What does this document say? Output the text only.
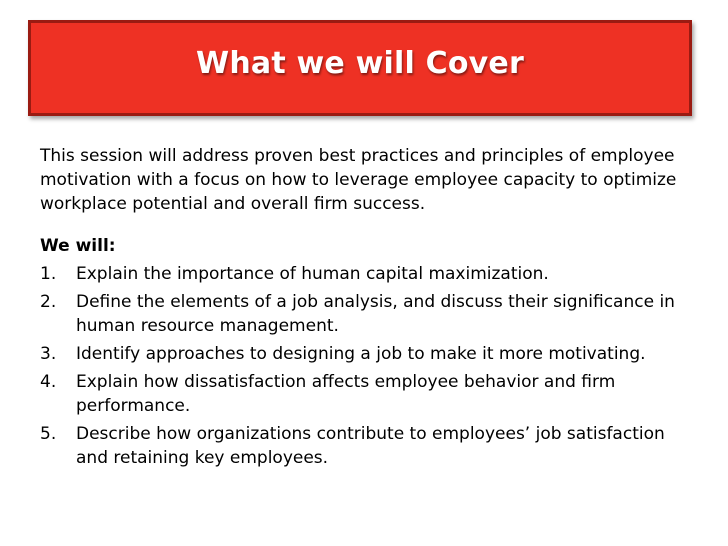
What we will Cover

This session will address proven best practices and principles of employee motivation with a focus on how to leverage employee capacity to optimize workplace potential and overall firm success.

We will:

1. Explain the importance of human capital maximization.
2. Define the elements of a job analysis, and discuss their significance in human resource management.
3. Identify approaches to designing a job to make it more motivating.
4. Explain how dissatisfaction affects employee behavior and firm performance.
5. Describe how organizations contribute to employees’ job satisfaction and retaining key employees.
